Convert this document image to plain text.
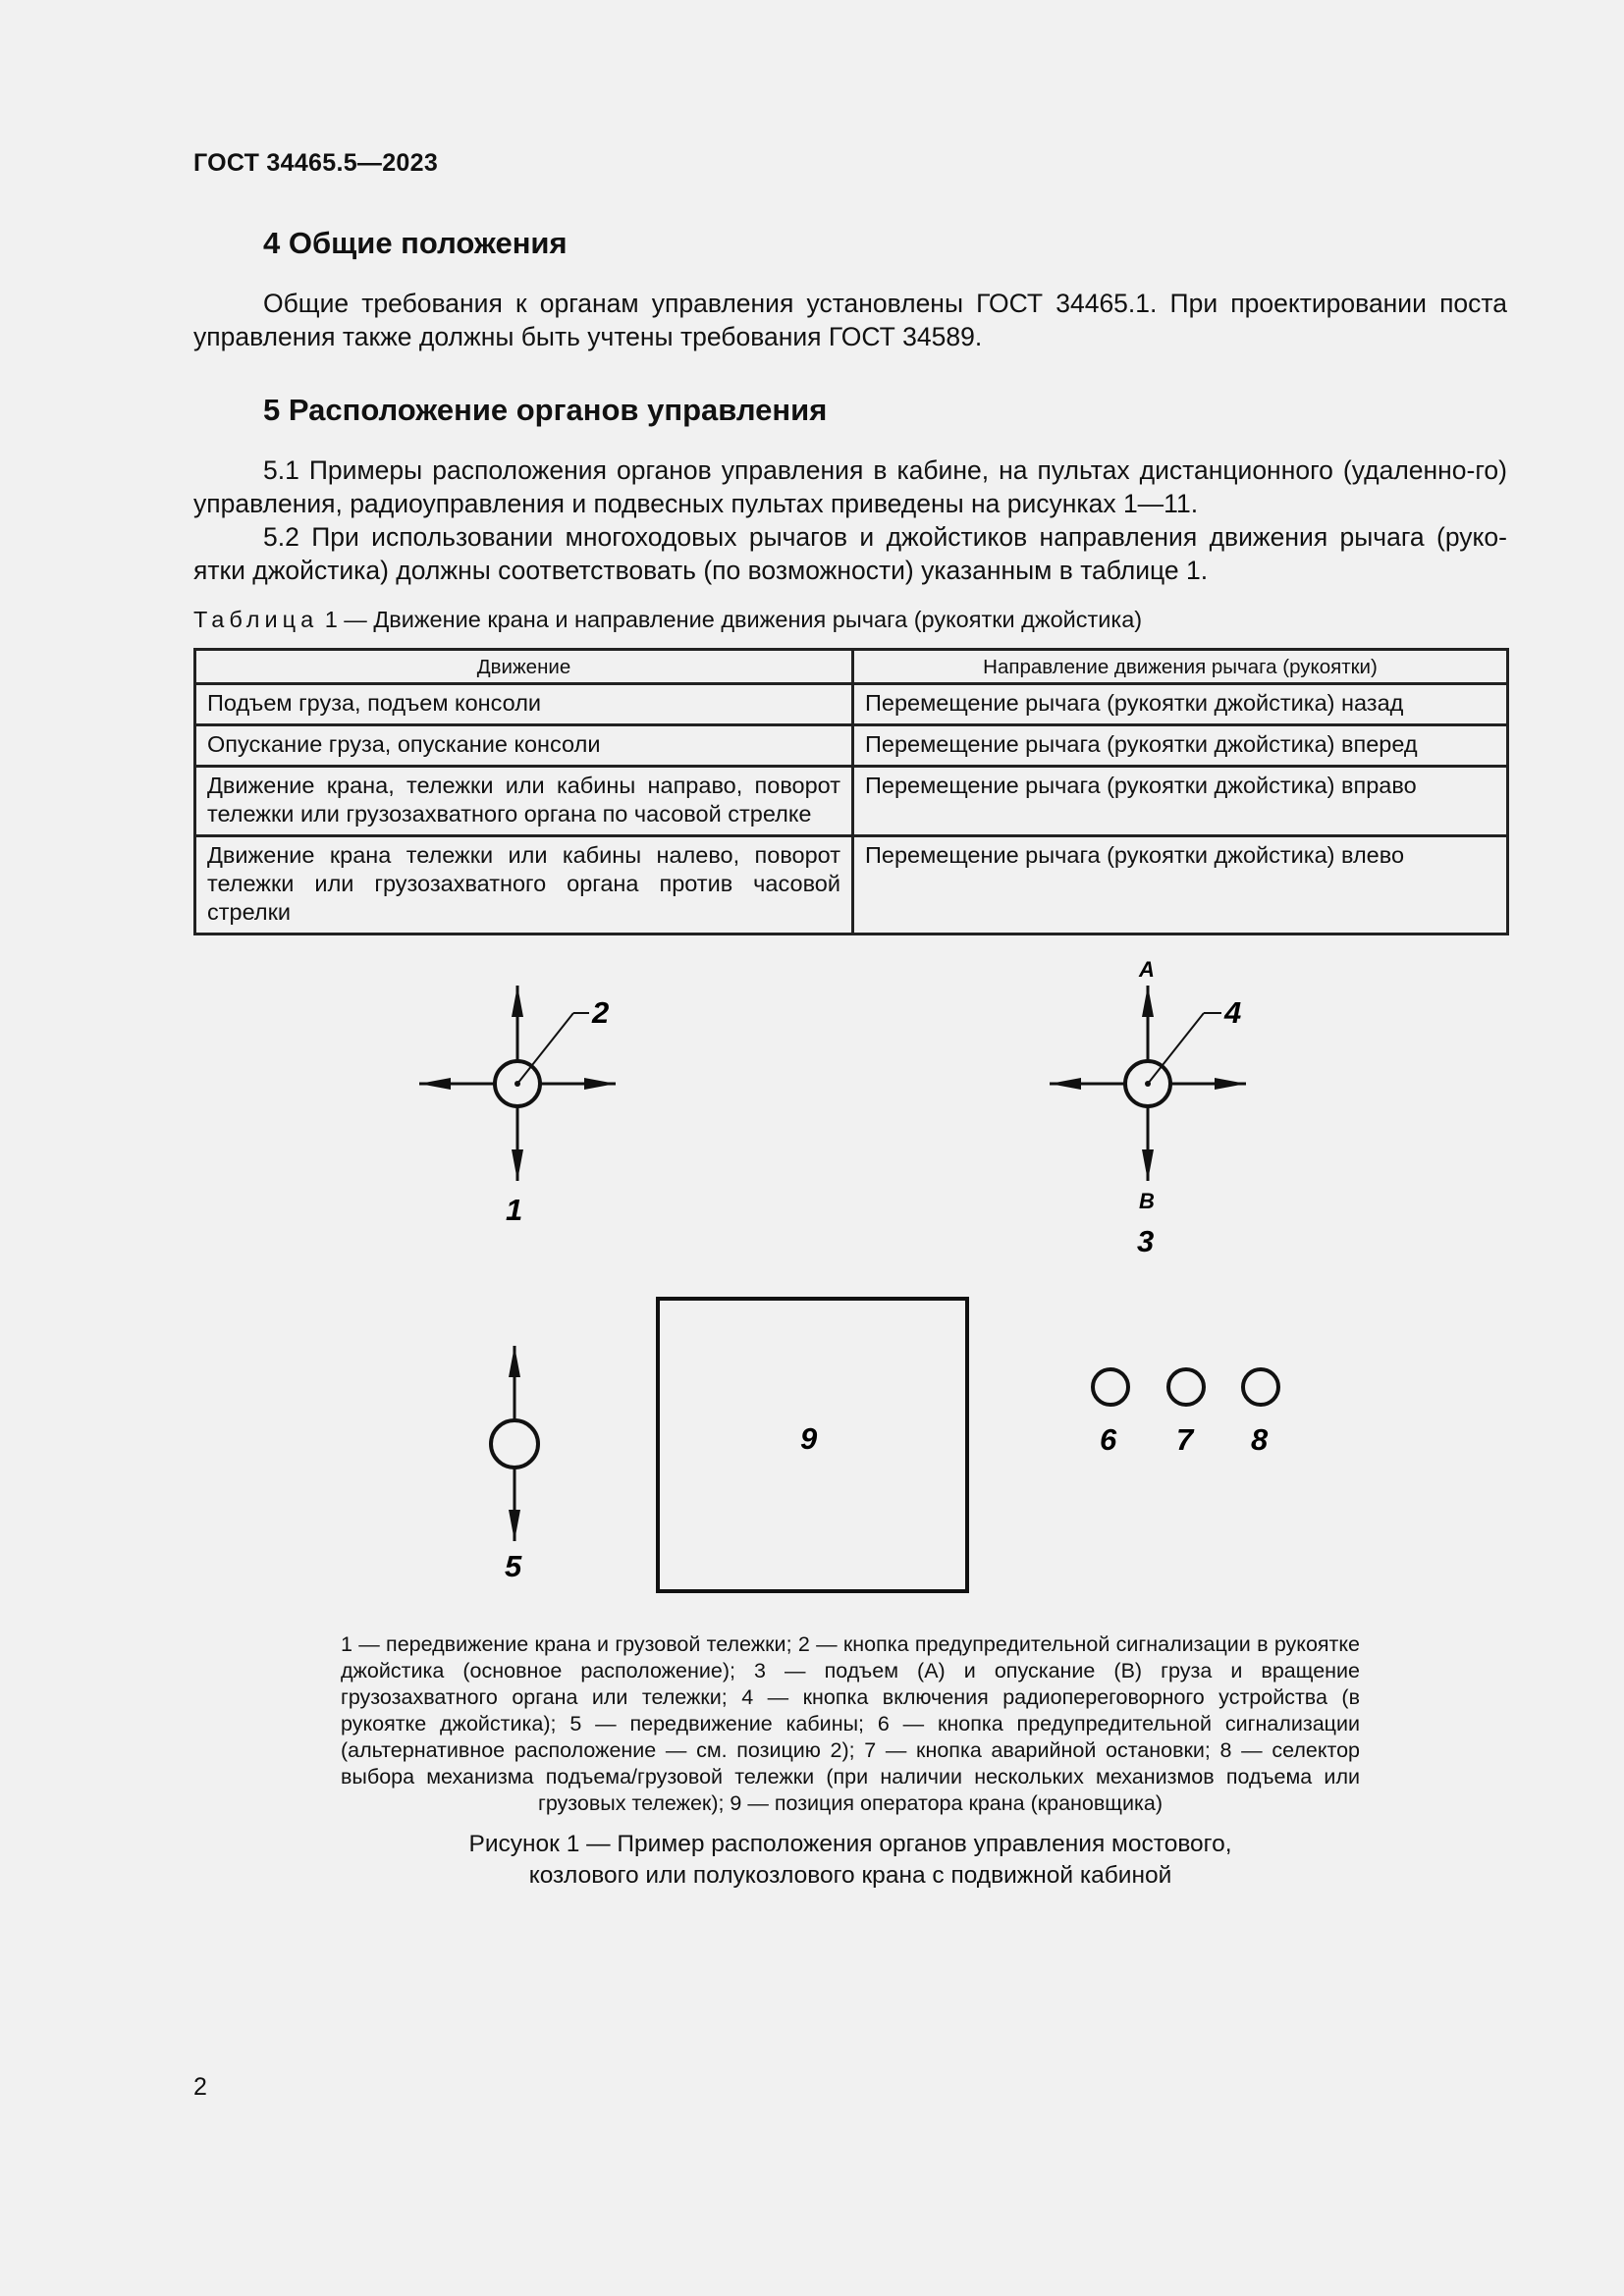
ГОСТ 34465.5—2023
4 Общие положения
Общие требования к органам управления установлены ГОСТ 34465.1. При проектировании поста управления также должны быть учтены требования ГОСТ 34589.
5 Расположение органов управления
5.1 Примеры расположения органов управления в кабине, на пультах дистанционного (удаленно-го) управления, радиоуправления и подвесных пультах приведены на рисунках 1—11.
5.2 При использовании многоходовых рычагов и джойстиков направления движения рычага (руко-ятки джойстика) должны соответствовать (по возможности) указанным в таблице 1.
Таблица 1 — Движение крана и направление движения рычага (рукоятки джойстика)
Движение	Направление движения рычага (рукоятки)
Подъем груза, подъем консоли	Перемещение рычага (рукоятки джойстика) назад
Опускание груза, опускание консоли	Перемещение рычага (рукоятки джойстика) вперед
Движение крана, тележки или кабины направо, поворот тележки или грузозахватного органа по часовой стрелке	Перемещение рычага (рукоятки джойстика) вправо
Движение крана тележки или кабины налево, поворот тележки или грузозахватного органа против часовой стрелки	Перемещение рычага (рукоятки джойстика) влево
2
1
А
В
4
3
5
9	6 7 8
1 — передвижение крана и грузовой тележки; 2 — кнопка предупредительной сигнализации в рукоятке джойстика (основное расположение); 3 — подъем (А) и опускание (В) груза и вращение грузозахватного органа или тележки; 4 — кнопка включения радиопереговорного устройства (в рукоятке джойстика); 5 — передвижение кабины; 6 — кнопка предупредительной сигнализации (альтернативное расположение — см. позицию 2); 7 — кнопка аварийной остановки; 8 — селектор выбора механизма подъема/грузовой тележки (при наличии нескольких механизмов подъема или грузовых тележек); 9 — позиция оператора крана (крановщика)
Рисунок 1 — Пример расположения органов управления мостового,
козлового или полукозлового крана с подвижной кабиной
2
